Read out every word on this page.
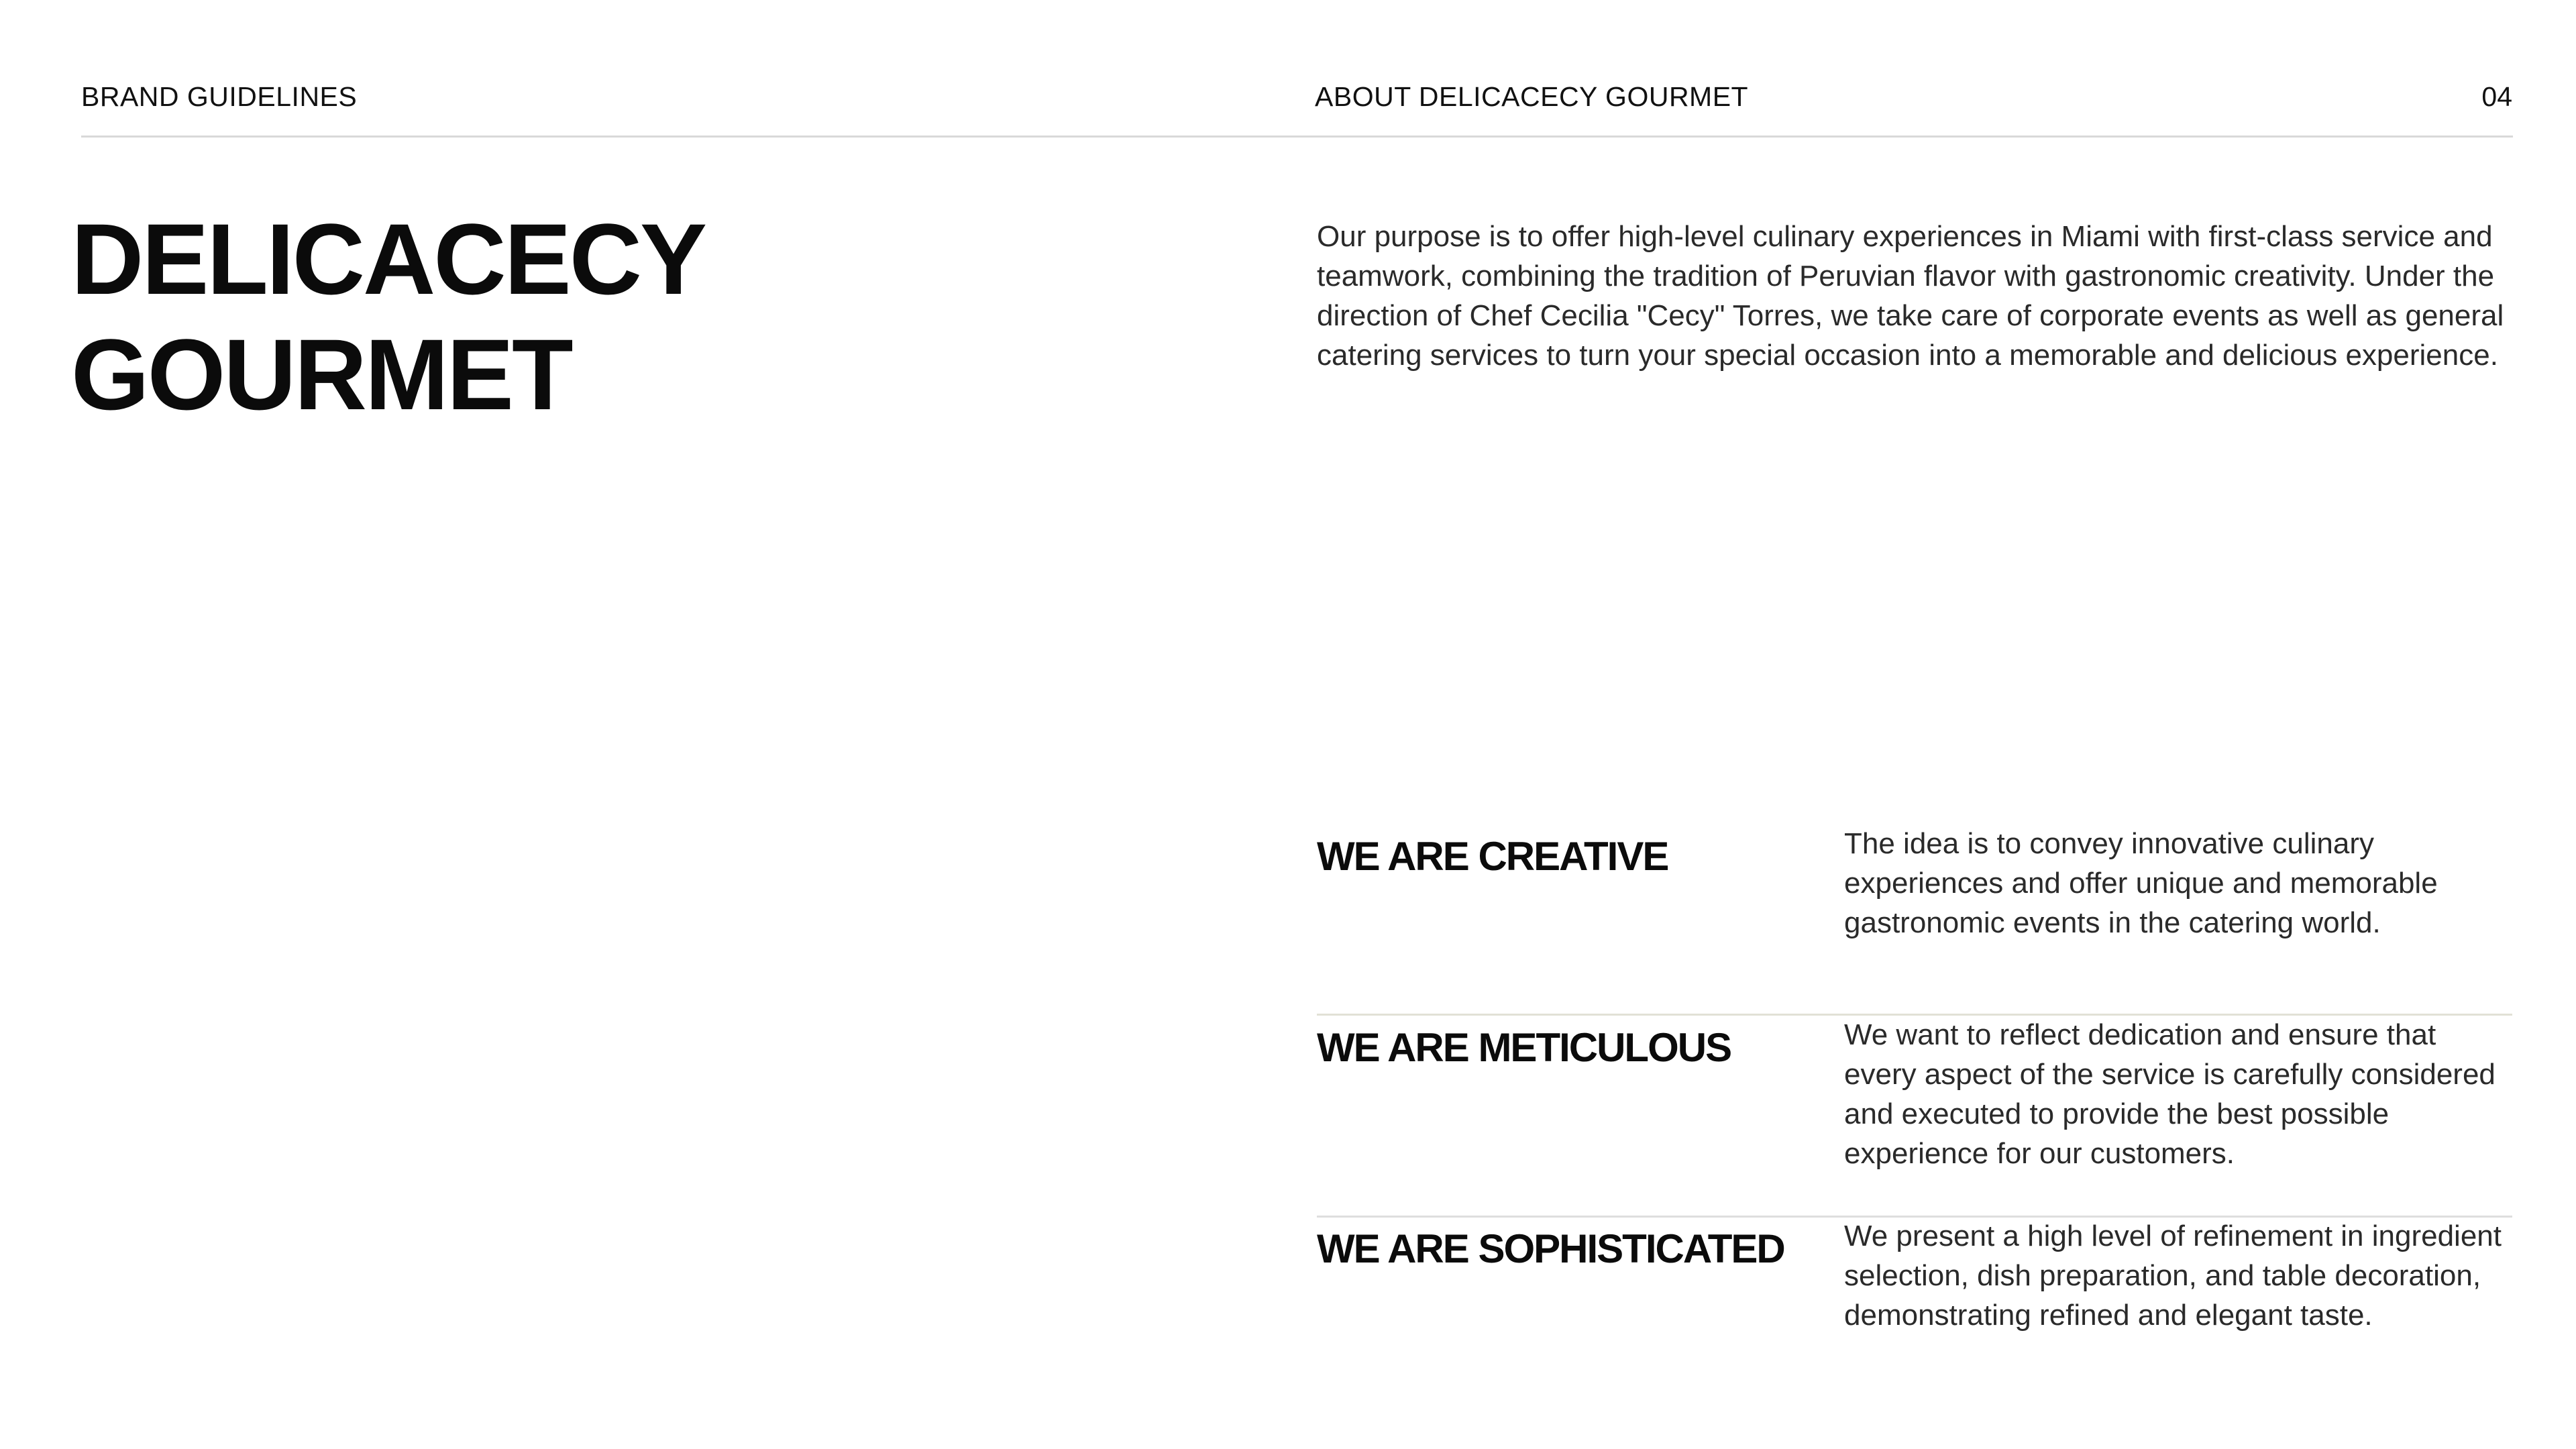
BRAND GUIDELINES	ABOUT DELICACECY GOURMET	04
DELICACECY
GOURMET

Our purpose is to offer high-level culinary experiences in Miami with first-class service and teamwork, combining the tradition of Peruvian flavor with gastronomic creativity. Under the direction of Chef Cecilia "Cecy" Torres, we take care of corporate events as well as general catering services to turn your special occasion into a memorable and delicious experience.

WE ARE CREATIVE	The idea is to convey innovative culinary experiences and offer unique and memorable gastronomic events in the catering world.
WE ARE METICULOUS	We want to reflect dedication and ensure that every aspect of the service is carefully considered and executed to provide the best possible experience for our customers.
WE ARE SOPHISTICATED	We present a high level of refinement in ingredient selection, dish preparation, and table decoration, demonstrating refined and elegant taste.
